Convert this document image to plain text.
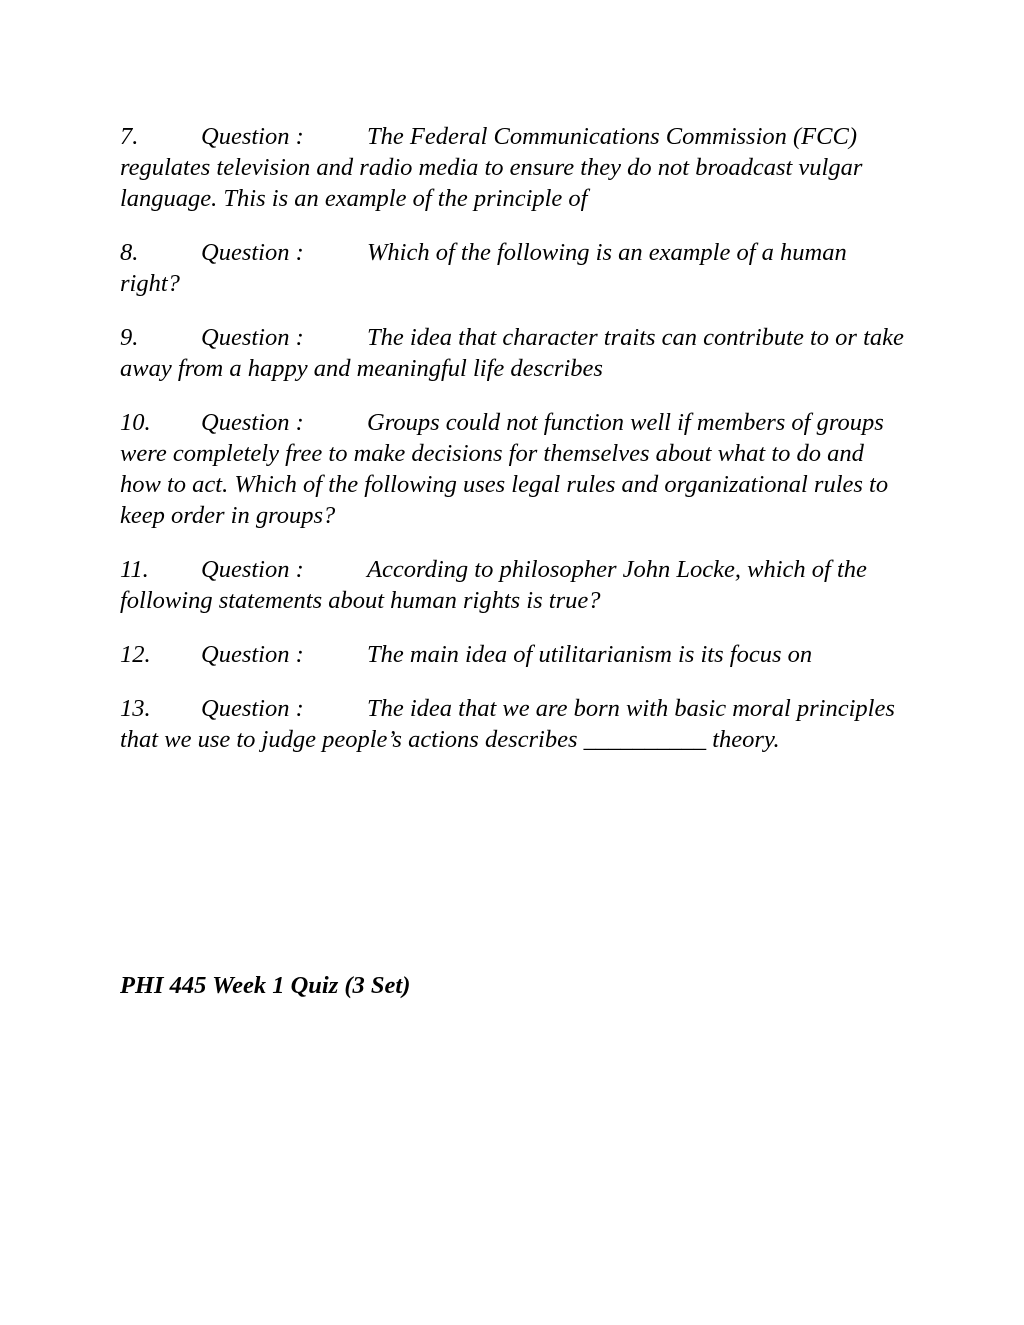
7.	Question :	The Federal Communications Commission (FCC) regulates television and radio media to ensure they do not broadcast vulgar language. This is an example of the principle of

8.	Question :	Which of the following is an example of a human right?

9.	Question :	The idea that character traits can contribute to or take away from a happy and meaningful life describes

10. Question :	Groups could not function well if members of groups were completely free to make decisions for themselves about what to do and how to act. Which of the following uses legal rules and organizational rules to keep order in groups?

11. Question :	According to philosopher John Locke, which of the following statements about human rights is true?

12. Question :	The main idea of utilitarianism is its focus on

13. Question :	The idea that we are born with basic moral principles that we use to judge people’s actions describes __________ theory.

PHI 445 Week 1 Quiz (3 Set)
